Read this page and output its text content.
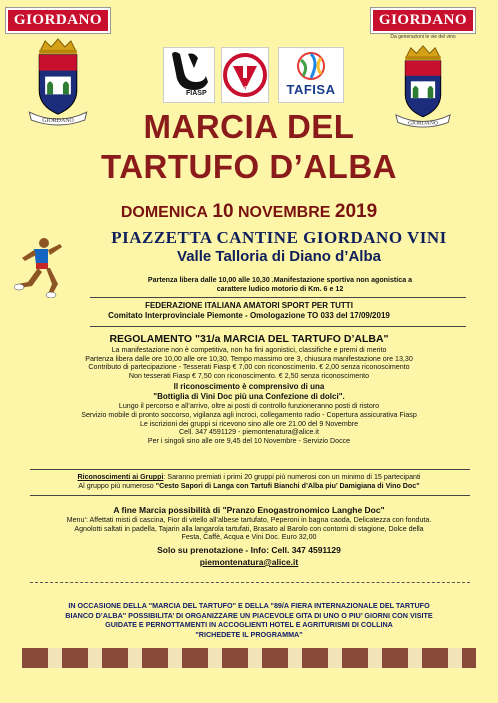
GIORDANO
GIORDANO
GIORDANO
Da generazioni le vie del vino
GIORDANO
FIASP
IVV	TAFISA
MARCIA DEL
TARTUFO D’ALBA
DOMENICA 10 NOVEMBRE 2019
PIAZZETTA CANTINE GIORDANO VINI
Valle Talloria di Diano d’Alba
Partenza libera dalle 10,00 alle 10,30 .Manifestazione sportiva non agonistica a
carattere ludico motorio di Km. 6 e 12
FEDERAZIONE ITALIANA AMATORI SPORT PER TUTTI
Comitato Interprovinciale Piemonte - Omologazione TO 033 del 17/09/2019
REGOLAMENTO "31/a MARCIA DEL TARTUFO D’ALBA"
La manifestazione non è competitiva, non ha fini agonistici, classifiche e premi di merito
Partenza libera dalle ore 10,00 alle ore 10,30. Tempo massimo ore 3, chiusura manifestazione ore 13,30
Contributo di partecipazione - Tesserati Fiasp € 7,00 con riconoscimento. € 2,00 senza riconoscimento
Non tesserati Fiasp € 7,50 con riconoscimento. € 2,50 senza riconoscimento
Il riconoscimento è comprensivo di una
"Bottiglia di Vini Doc più una Confezione di dolci".
Lungo il percorso e all’arrivo, oltre ai posti di controllo funzioneranno posti di ristoro
Servizio mobile di pronto soccorso, vigilanza agli incroci, collegamento radio - Copertura assicurativa Fiasp
Le iscrizioni dei gruppi si ricevono sino alle ore 21.00 del 9 Novembre
Cell. 347 4591129 - piemontenatura@alice.it
Per i singoli sino alle ore 9,45 del 10 Novembre - Servizio Docce
Riconoscimenti ai Gruppi: Saranno premiati i primi 20 gruppi più numerosi con un minimo di 15 partecipanti
Al gruppo più numeroso "Cesto Sapori di Langa con Tartufi Bianchi d’Alba piu’ Damigiana di Vino Doc"
A fine Marcia possibilità di "Pranzo Enogastronomico Langhe Doc"
Menu’: Affettati misti di cascina, Fior di vitello all’albese tartufato, Peperoni in bagna caoda, Delicatezza con fonduta.
Agnolotti saltati in padella, Tajarin alla langarola tartufati, Brasato al Barolo con contorni di stagione, Dolce della
Festa, Caffè, Acqua e Vini Doc. Euro 32,00
Solo su prenotazione - Info: Cell. 347 4591129
piemontenatura@alice.it
IN OCCASIONE DELLA "MARCIA DEL TARTUFO" E DELLA "89/A FIERA INTERNAZIONALE DEL TARTUFO
BIANCO D’ALBA" POSSIBILITA’ DI ORGANIZZARE UN PIACEVOLE GITA DI UNO O PIU’ GIORNI CON VISITE
GUIDATE E PERNOTTAMENTI IN ACCOGLIENTI HOTEL E AGRITURISMI DI COLLINA
"RICHEDETE IL PROGRAMMA"
